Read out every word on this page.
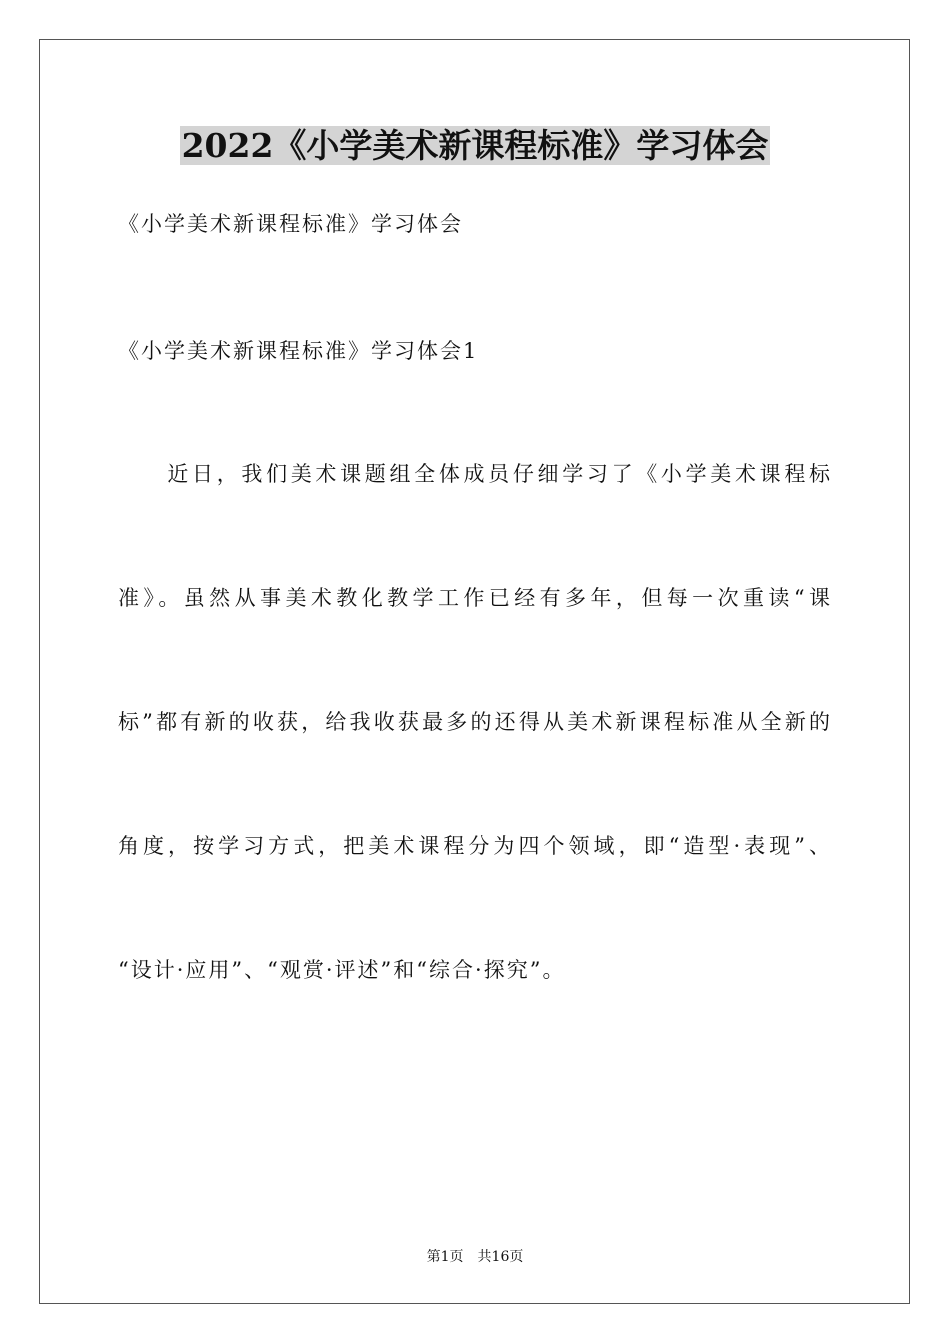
2022《小学美术新课程标准》学习体会

《小学美术新课程标准》学习体会

《小学美术新课程标准》学习体会1

　　近日，我们美术课题组全体成员仔细学习了《小学美术课程标

准》。虽然从事美术教化教学工作已经有多年，但每一次重读“课

标”都有新的收获，给我收获最多的还得从美术新课程标准从全新的

角度，按学习方式，把美术课程分为四个领域，即“造型·表现”、

“设计·应用”、“观赏·评述”和“综合·探究”。

第1页　共16页
